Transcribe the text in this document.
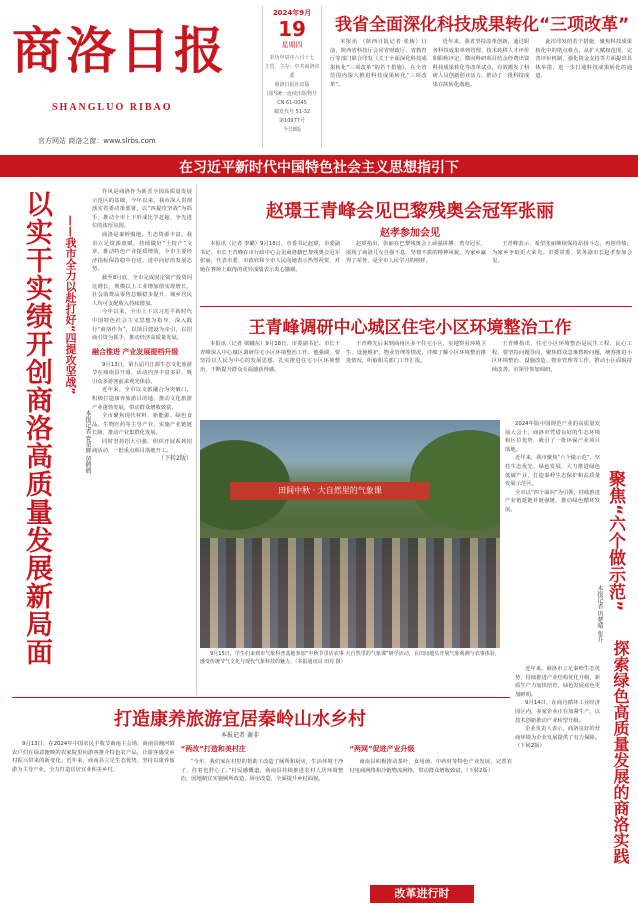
商洛日报
SHANGLUO RIBAO
官方网站 商洛之窗：www.slrbs.com
2024年9月
19
星期四
农历甲辰年八月十七
主管、主办：中共商洛市委
商洛日报社出版
国内统一连续出版物号
CN 61-0045
邮发代号 51-32
第10977号
今日8版
我省全面深化科技成果转化“三项改革”

本报讯 （陕西日报记者 张梅）日前，陕西省科技厅会同省财政厅、省教育厅等部门联合印发《关于全面深化科技成果转化“三项改革”的若干措施》，在全省范围内深入推进科技成果转化“三项改革”。

近年来，我省坚持改革创新，通过职务科技成果单列管理、技术转移人才评价和职称评定、横向科研项目结余经费出资科技成果转化等改革试点，有效激发了科研人员创新创业活力，推动了一批科技成果在陕转化落地。

此次印发的若干措施，聚焦科技成果转化中的堵点难点，从扩大赋权范围、完善评价机制、强化资金支持等方面提出具体举措，进一步打通科技成果转化的通道。

在习近平新时代中国特色社会主义思想指引下
以实干实绩开创商洛高质量发展新局面	——我市全力以赴打好“四提攻坚战”
本报记者 党荣辉 黄鹤鹤

作风是商洛作为新晋全国高质量发展示范区的基础，今年以来，我市深入贯彻落实省委决策部署，以“四提攻坚战”为抓手，推动全市上下形成比学赶超、争先进位的浓厚氛围。

商洛是秦岭腹地，生态资源丰富。我市立足资源禀赋，持续做好“土特产”文章，推动特色产业提质增效，全市主要经济指标保持稳中有进、进中向好的发展态势。

截至8月底，全市完成固定资产投资同比增长，规模以上工业增加值实现增长，社会消费品零售总额稳步提升，城乡居民人均可支配收入持续增加。

今年以来，全市上下以习近平新时代中国特色社会主义思想为指导，深入践行“商洛作为”，以项目建设为牵引，以招商引资为抓手，推动经济高质量发展。

融合推进 产业发展提档升级

9月13日，第五届丹江源生态文化旅游节在商南县开幕，活动内容丰富多彩，吸引众多游客前来观光体验。

近年来，全市以文旅融合为突破口，积极打造康养旅游目的地，推动文化旅游产业蓬勃发展，带动群众增收致富。

全市聚焦现代材料、新能源、绿色食品、生物医药等主导产业，实施产业链链长制，推动产业集群化发展。

同时坚持招大引强，组织开展系列招商活动，一批重点项目落地开工。

（下转2版）

赵璟王青峰会见巴黎残奥会冠军张丽
赵孝参加会见

本报讯（记者 李璐）9月18日，市委书记赵璟，市委副书记、市长王青峰在市行政中心会见商洛籍巴黎残奥会冠军张丽，代表市委、市政府和全市人民向她表示热烈祝贺，对她在赛场上取得的优异成绩表示衷心感谢。

赵璟指出，张丽在巴黎残奥会上顽强拼搏、勇夺冠军，展现了商洛儿女自强不息、坚韧不拔的精神风貌，为家乡赢得了荣誉，是全市人民学习的榜样。

王青峰表示，希望张丽继续保持昂扬斗志，再创佳绩，为家乡争取更大荣光。市委常委、常务副市长赵孝参加会见。

王青峰调研中心城区住宅小区环境整治工作

本报讯（记者 梁曦东）9月18日，市委副书记、市长王青峰深入中心城区调研住宅小区环境整治工作。他强调，要坚持以人民为中心的发展思想，扎实推进住宅小区环境整治，不断提升群众幸福感获得感。

王青峰先后来到商州区多个住宅小区，实地察看环境卫生、设施维护、物业管理等情况，详细了解小区环境整治推进情况，听取相关部门工作汇报。

王青峰指出，住宅小区环境整治是民生工程、民心工程，要坚持问题导向，聚焦群众急难愁盼问题，统筹推进小区环境整治、设施改造、物业管理等工作，推动小区面貌持续改善。市领导参加调研。

田间中秋 · 大自然里的气象课

9月15日，学生们来到市气象科普基地参加“中秋节里话农事 大自然里的气象课”研学活动，在田间地头开展气象观测与农事体验，感受传统节气文化与现代气象科技的魅力。（本报通讯员 田丹 摄）

2024年版中国规范产业的高质量发展大会上，商洛市凭借良好的生态环境和区位优势，吸引了一批环保产业项目落地。

近年来，我市聚焦“六个做示范”，坚持生态优先、绿色发展，大力推进绿色低碳产业，打造秦岭生态保护和高质量发展示范区。

全市以“四个面向”为引领，持续推进产业链延链补链强链，推动绿色循环发展。	聚焦“六个做示范”
本报记者 巩楚晴 张升
探索绿色高质量发展的商洛实践
打造康养旅游宜居秦岭山水乡村
本报记者 谢非

9月13日，在2024年中国农民丰收节商南主会场，商南县湘河镇农户们在绿意掩映的农家院里向游客推介特色农产品，让游客感受乡村振兴带来的新变化。近年来，商南县立足生态优势，坚持以康养旅游为主导产业，全力打造宜居宜业和美乡村。

“两改”打造和美村庄

“今年，我们家在村里的帮助下改造了厕所和厨房，生活环境干净了，住着也舒心了。”村民感慨道。商南县持续推进农村人居环境整治，因地制宜实施厕所改造、厨房改造，全面提升乡村面貌。

“两网”促进产业升级

商南县积极推动茶叶、食用菌、中药材等特色产业发展，完善农村电商网络和冷链物流网络，带动群众增收致富。（下转2版）

近年来，商洛市立足秦岭生态优势，持续推进产业结构优化升级，新质生产力加快培育，绿色发展底色更加鲜明。

9月14日，在商丹循环工业经济园区内，多家企业正在加紧生产，以技术创新推动产业转型升级。

企业负责人表示，商洛良好的营商环境为企业发展提供了有力保障。（下转2版）

改革进行时
